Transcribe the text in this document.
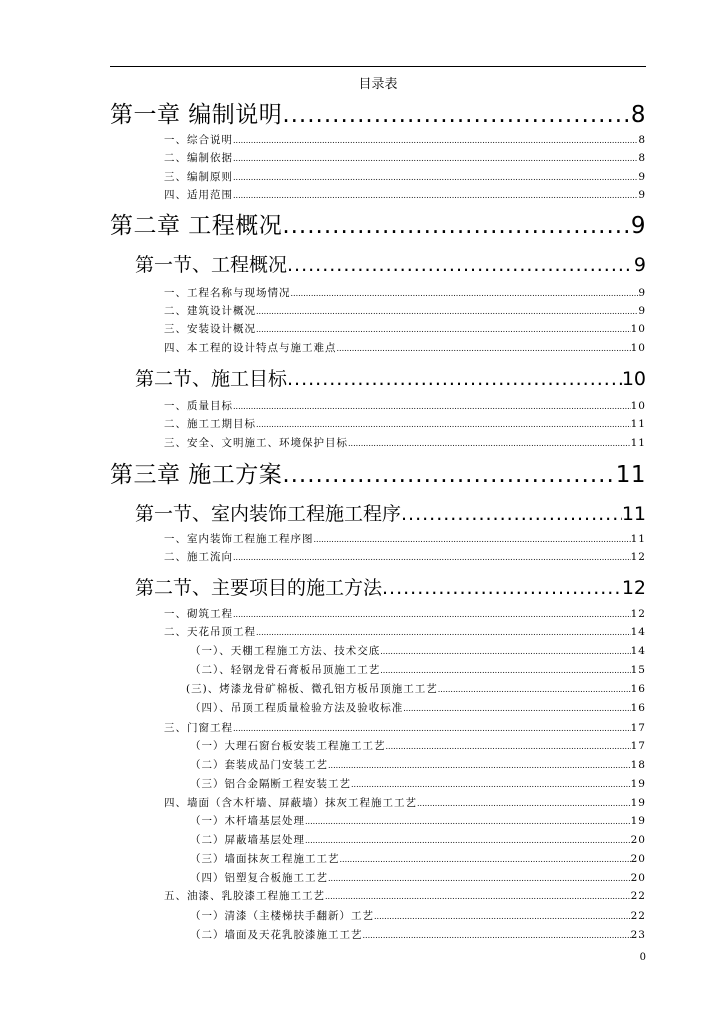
目录表
第一章 编制说明 .....	8
一、综合说明 .....	8
二、编制依据 .....	8
三、编制原则 .....	9
四、适用范围 .....	9
第二章 工程概况 .....	9
第一节、工程概况 .....	9
一、工程名称与现场情况 .....	9
二、建筑设计概况 .....	9
三、安装设计概况 .....	10
四、本工程的设计特点与施工难点 .....	10
第二节、施工目标 .....	10
一、质量目标 .....	10
二、施工工期目标 .....	11
三、安全、文明施工、环境保护目标 .....	11
第三章 施工方案 .....	11
第一节、室内装饰工程施工程序 .....	11
一、室内装饰工程施工程序图 .....	11
二、施工流向 .....	12
第二节、主要项目的施工方法 .....	12
一、砌筑工程 .....	12
二、天花吊顶工程 .....	14
（一）、天棚工程施工方法、技术交底 .....	14
（二）、轻钢龙骨石膏板吊顶施工工艺 .....	15
(三)、烤漆龙骨矿棉板、微孔铝方板吊顶施工工艺 .....	16
（四）、吊顶工程质量检验方法及验收标准 .....	16
三、门窗工程 .....	17
（一）大理石窗台板安装工程施工工艺 .....	17
（二）套装成品门安装工艺 .....	18
（三）铝合金隔断工程安装工艺 .....	19
四、墙面（含木杆墙、屏蔽墙）抹灰工程施工工艺 .....	19
（一）木杆墙基层处理 .....	19
（二）屏蔽墙基层处理 .....	20
（三）墙面抹灰工程施工工艺 .....	20
（四）铝塑复合板施工工艺 .....	20
五、油漆、乳胶漆工程施工工艺 .....	22
（一）清漆（主楼梯扶手翻新）工艺 .....	22
（二）墙面及天花乳胶漆施工工艺 .....	23
0
